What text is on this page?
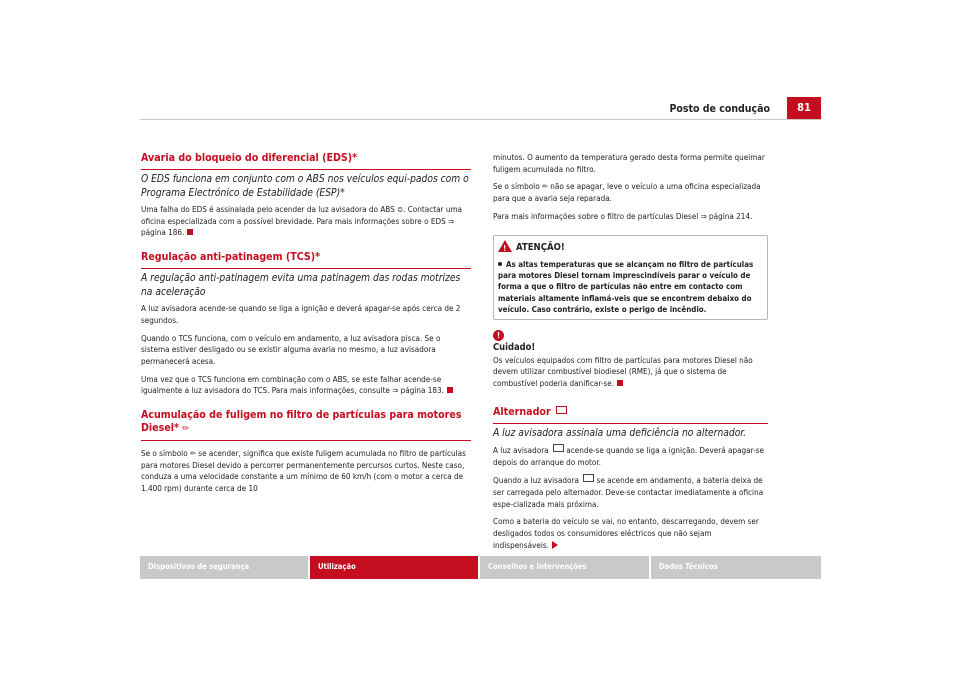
Posto de condução	81
Avaria do bloqueio do diferencial (EDS)*
O EDS funciona em conjunto com o ABS nos veículos equi-pados com o Programa Electrónico de Estabilidade (ESP)*

Uma falha do EDS é assinalada pelo acender da luz avisadora do ABS ⊜. Contactar uma oficina especializada com a possível brevidade. Para mais informações sobre o EDS ⇒ página 186.

Regulação anti-patinagem (TCS)*
A regulação anti-patinagem evita uma patinagem das rodas motrizes na aceleração

A luz avisadora acende-se quando se liga a ignição e deverá apagar-se após cerca de 2 segundos.

Quando o TCS funciona, com o veículo em andamento, a luz avisadora pisca. Se o sistema estiver desligado ou se existir alguma avaria no mesmo, a luz avisadora permanecerá acesa.

Uma vez que o TCS funciona em combinação com o ABS, se este falhar acende-se igualmente a luz avisadora do TCS. Para mais informações, consulte ⇒ página 183.

Acumulação de fuligem no filtro de partículas para motores Diesel* ✏

Se o símbolo ✏ se acender, significa que existe fuligem acumulada no filtro de partículas para motores Diesel devido a percorrer permanentemente percursos curtos. Neste caso, conduza a uma velocidade constante a um mínimo de 60 km/h (com o motor a cerca de 1.400 rpm) durante cerca de 10

minutos. O aumento da temperatura gerado desta forma permite queimar fuligem acumulada no filtro.

Se o símbolo ✏ não se apagar, leve o veículo a uma oficina especializada para que a avaria seja reparada.

Para mais informações sobre o filtro de partículas Diesel ⇒ página 214.

! ATENÇÃO!
As altas temperaturas que se alcançam no filtro de partículas para motores Diesel tornam imprescindíveis parar o veículo de forma a que o filtro de partículas não entre em contacto com materiais altamente inflamá-veis que se encontrem debaixo do veículo. Caso contrário, existe o perigo de incêndio.
!
Cuidado!

Os veículos equipados com filtro de partículas para motores Diesel não devem utilizar combustível biodiesel (RME), já que o sistema de combustível poderia danificar-se.

Alternador
A luz avisadora assinala uma deficiência no alternador.

A luz avisadora  acende-se quando se liga a ignição. Deverá apagar-se depois do arranque do motor.

Quando a luz avisadora  se acende em andamento, a bateria deixa de ser carregada pelo alternador. Deve-se contactar imediatamente a oficina espe-cializada mais próxima.

Como a bateria do veículo se vai, no entanto, descarregando, devem ser desligados todos os consumidores eléctricos que não sejam indispensáveis.

Dispositivos de segurança	Utilização	Conselhos e Intervenções	Dados Técnicos
